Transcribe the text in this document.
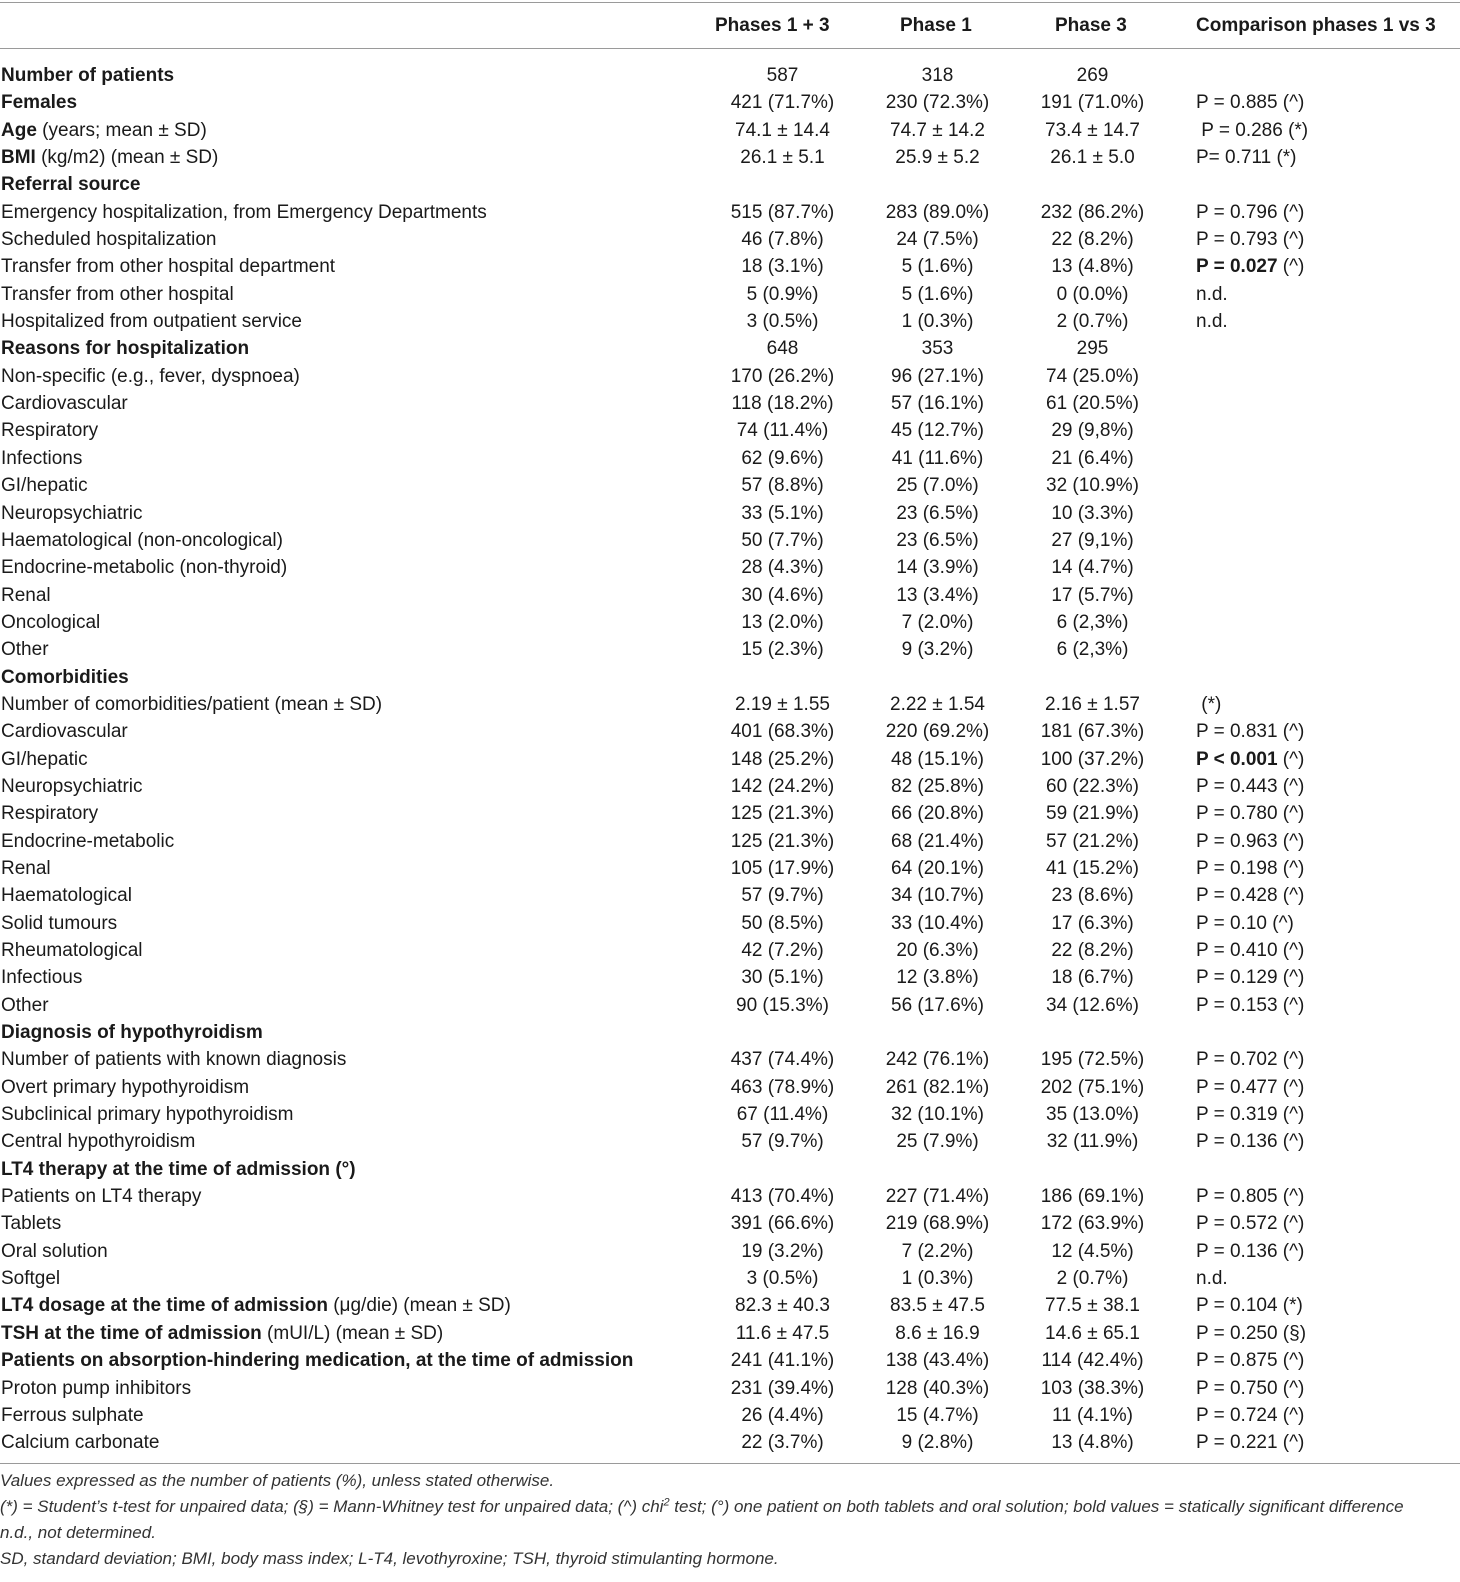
Phases 1 + 3	Phase 1	Phase 3	Comparison phases 1 vs 3
Number of patients	587	318	269
Females	421 (71.7%)	230 (72.3%)	191 (71.0%)	P = 0.885 (^)
Age (years; mean ± SD)	74.1 ± 14.4	74.7 ± 14.2	73.4 ± 14.7	P = 0.286 (*)
BMI (kg/m2) (mean ± SD)	26.1 ± 5.1	25.9 ± 5.2	26.1 ± 5.0	P= 0.711 (*)
Referral source
Emergency hospitalization, from Emergency Departments	515 (87.7%)	283 (89.0%)	232 (86.2%)	P = 0.796 (^)
Scheduled hospitalization	46 (7.8%)	24 (7.5%)	22 (8.2%)	P = 0.793 (^)
Transfer from other hospital department	18 (3.1%)	5 (1.6%)	13 (4.8%)	P = 0.027 (^)
Transfer from other hospital	5 (0.9%)	5 (1.6%)	0 (0.0%)	n.d.
Hospitalized from outpatient service	3 (0.5%)	1 (0.3%)	2 (0.7%)	n.d.
Reasons for hospitalization	648	353	295
Non-specific (e.g., fever, dyspnoea)	170 (26.2%)	96 (27.1%)	74 (25.0%)
Cardiovascular	118 (18.2%)	57 (16.1%)	61 (20.5%)
Respiratory	74 (11.4%)	45 (12.7%)	29 (9,8%)
Infections	62 (9.6%)	41 (11.6%)	21 (6.4%)
GI/hepatic	57 (8.8%)	25 (7.0%)	32 (10.9%)
Neuropsychiatric	33 (5.1%)	23 (6.5%)	10 (3.3%)
Haematological (non-oncological)	50 (7.7%)	23 (6.5%)	27 (9,1%)
Endocrine-metabolic (non-thyroid)	28 (4.3%)	14 (3.9%)	14 (4.7%)
Renal	30 (4.6%)	13 (3.4%)	17 (5.7%)
Oncological	13 (2.0%)	7 (2.0%)	6 (2,3%)
Other	15 (2.3%)	9 (3.2%)	6 (2,3%)
Comorbidities
Number of comorbidities/patient (mean ± SD)	2.19 ± 1.55	2.22 ± 1.54	2.16 ± 1.57	(*)
Cardiovascular	401 (68.3%)	220 (69.2%)	181 (67.3%)	P = 0.831 (^)
GI/hepatic	148 (25.2%)	48 (15.1%)	100 (37.2%)	P < 0.001 (^)
Neuropsychiatric	142 (24.2%)	82 (25.8%)	60 (22.3%)	P = 0.443 (^)
Respiratory	125 (21.3%)	66 (20.8%)	59 (21.9%)	P = 0.780 (^)
Endocrine-metabolic	125 (21.3%)	68 (21.4%)	57 (21.2%)	P = 0.963 (^)
Renal	105 (17.9%)	64 (20.1%)	41 (15.2%)	P = 0.198 (^)
Haematological	57 (9.7%)	34 (10.7%)	23 (8.6%)	P = 0.428 (^)
Solid tumours	50 (8.5%)	33 (10.4%)	17 (6.3%)	P = 0.10 (^)
Rheumatological	42 (7.2%)	20 (6.3%)	22 (8.2%)	P = 0.410 (^)
Infectious	30 (5.1%)	12 (3.8%)	18 (6.7%)	P = 0.129 (^)
Other	90 (15.3%)	56 (17.6%)	34 (12.6%)	P = 0.153 (^)
Diagnosis of hypothyroidism
Number of patients with known diagnosis	437 (74.4%)	242 (76.1%)	195 (72.5%)	P = 0.702 (^)
Overt primary hypothyroidism	463 (78.9%)	261 (82.1%)	202 (75.1%)	P = 0.477 (^)
Subclinical primary hypothyroidism	67 (11.4%)	32 (10.1%)	35 (13.0%)	P = 0.319 (^)
Central hypothyroidism	57 (9.7%)	25 (7.9%)	32 (11.9%)	P = 0.136 (^)
LT4 therapy at the time of admission (°)
Patients on LT4 therapy	413 (70.4%)	227 (71.4%)	186 (69.1%)	P = 0.805 (^)
Tablets	391 (66.6%)	219 (68.9%)	172 (63.9%)	P = 0.572 (^)
Oral solution	19 (3.2%)	7 (2.2%)	12 (4.5%)	P = 0.136 (^)
Softgel	3 (0.5%)	1 (0.3%)	2 (0.7%)	n.d.
LT4 dosage at the time of admission (μg/die) (mean ± SD)	82.3 ± 40.3	83.5 ± 47.5	77.5 ± 38.1	P = 0.104 (*)
TSH at the time of admission (mUI/L) (mean ± SD)	11.6 ± 47.5	8.6 ± 16.9	14.6 ± 65.1	P = 0.250 (§)
Patients on absorption-hindering medication, at the time of admission	241 (41.1%)	138 (43.4%)	114 (42.4%)	P = 0.875 (^)
Proton pump inhibitors	231 (39.4%)	128 (40.3%)	103 (38.3%)	P = 0.750 (^)
Ferrous sulphate	26 (4.4%)	15 (4.7%)	11 (4.1%)	P = 0.724 (^)
Calcium carbonate	22 (3.7%)	9 (2.8%)	13 (4.8%)	P = 0.221 (^)
Values expressed as the number of patients (%), unless stated otherwise.
(*) = Student’s t-test for unpaired data; (§) = Mann-Whitney test for unpaired data; (^) chi$^2$ test; (°) one patient on both tablets and oral solution; bold values = statically significant difference
n.d., not determined.
SD, standard deviation; BMI, body mass index; L-T4, levothyroxine; TSH, thyroid stimulanting hormone.
